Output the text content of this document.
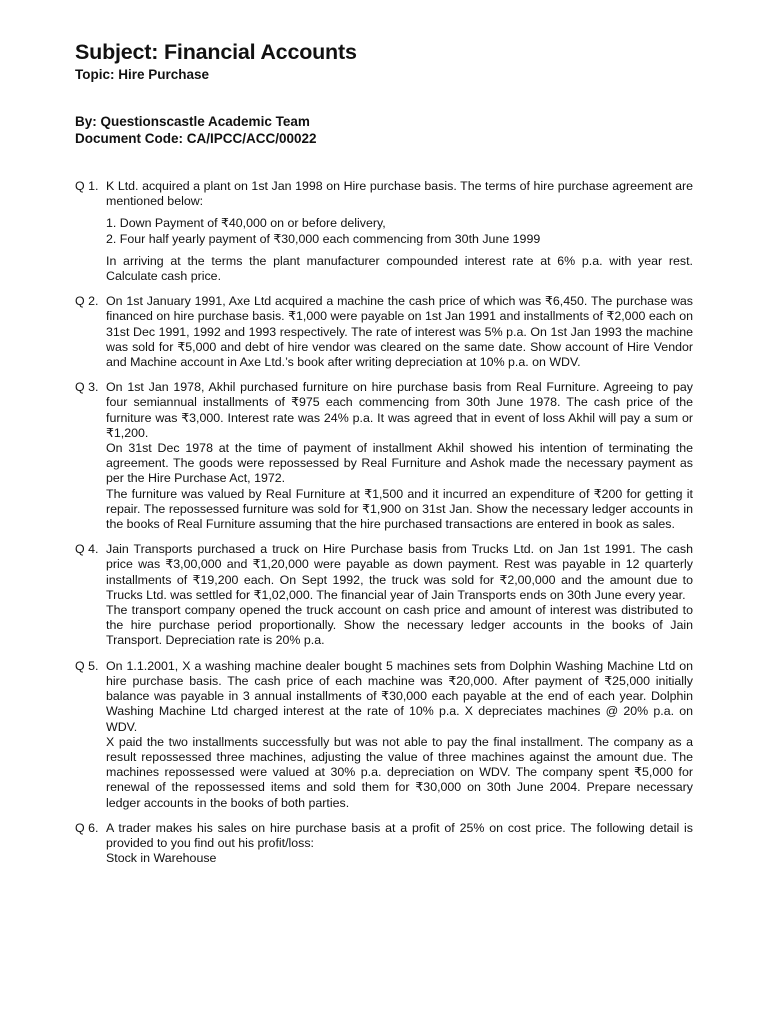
Subject: Financial Accounts
Topic: Hire Purchase
By: Questionscastle Academic Team
Document Code: CA/IPCC/ACC/00022
Q 1. K Ltd. acquired a plant on 1st Jan 1998 on Hire purchase basis. The terms of hire purchase agreement are mentioned below:

1. Down Payment of ₹40,000 on or before delivery,
2. Four half yearly payment of ₹30,000 each commencing from 30th June 1999

In arriving at the terms the plant manufacturer compounded interest rate at 6% p.a. with year rest. Calculate cash price.

Q 2. On 1st January 1991, Axe Ltd acquired a machine the cash price of which was ₹6,450. The purchase was financed on hire purchase basis. ₹1,000 were payable on 1st Jan 1991 and installments of ₹2,000 each on 31st Dec 1991, 1992 and 1993 respectively. The rate of interest was 5% p.a. On 1st Jan 1993 the machine was sold for ₹5,000 and debt of hire vendor was cleared on the same date. Show account of Hire Vendor and Machine account in Axe Ltd.’s book after writing depreciation at 10% p.a. on WDV.

Q 3. On 1st Jan 1978, Akhil purchased furniture on hire purchase basis from Real Furniture. Agreeing to pay four semiannual installments of ₹975 each commencing from 30th June 1978. The cash price of the furniture was ₹3,000. Interest rate was 24% p.a. It was agreed that in event of loss Akhil will pay a sum or ₹1,200.

On 31st Dec 1978 at the time of payment of installment Akhil showed his intention of terminating the agreement. The goods were repossessed by Real Furniture and Ashok made the necessary payment as per the Hire Purchase Act, 1972.

The furniture was valued by Real Furniture at ₹1,500 and it incurred an expenditure of ₹200 for getting it repair. The repossessed furniture was sold for ₹1,900 on 31st Jan. Show the necessary ledger accounts in the books of Real Furniture assuming that the hire purchased transactions are entered in book as sales.

Q 4. Jain Transports purchased a truck on Hire Purchase basis from Trucks Ltd. on Jan 1st 1991. The cash price was ₹3,00,000 and ₹1,20,000 were payable as down payment. Rest was payable in 12 quarterly installments of ₹19,200 each. On Sept 1992, the truck was sold for ₹2,00,000 and the amount due to Trucks Ltd. was settled for ₹1,02,000. The financial year of Jain Transports ends on 30th June every year.

The transport company opened the truck account on cash price and amount of interest was distributed to the hire purchase period proportionally. Show the necessary ledger accounts in the books of Jain Transport. Depreciation rate is 20% p.a.

Q 5. On 1.1.2001, X a washing machine dealer bought 5 machines sets from Dolphin Washing Machine Ltd on hire purchase basis. The cash price of each machine was ₹20,000. After payment of ₹25,000 initially balance was payable in 3 annual installments of ₹30,000 each payable at the end of each year. Dolphin Washing Machine Ltd charged interest at the rate of 10% p.a. X depreciates machines @ 20% p.a. on WDV.

X paid the two installments successfully but was not able to pay the final installment. The company as a result repossessed three machines, adjusting the value of three machines against the amount due. The machines repossessed were valued at 30% p.a. depreciation on WDV. The company spent ₹5,000 for renewal of the repossessed items and sold them for ₹30,000 on 30th June 2004. Prepare necessary ledger accounts in the books of both parties.

Q 6. A trader makes his sales on hire purchase basis at a profit of 25% on cost price. The following detail is provided to you find out his profit/loss:

Stock in Warehouse
